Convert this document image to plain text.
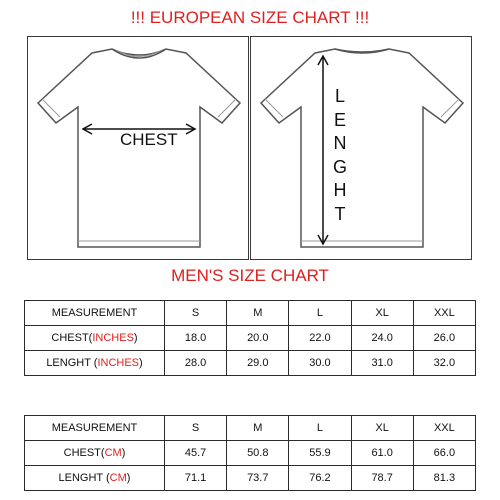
!!! EUROPEAN SIZE CHART !!!
CHEST
L
E
N
G
H
T
MEN'S SIZE CHART
MEASUREMENT	S	M	L	XL	XXL
CHEST(INCHES)	18.0	20.0	22.0	24.0	26.0
LENGHT (INCHES)	28.0	29.0	30.0	31.0	32.0
MEASUREMENT	S	M	L	XL	XXL
CHEST(CM)	45.7	50.8	55.9	61.0	66.0
LENGHT (CM)	71.1	73.7	76.2	78.7	81.3
